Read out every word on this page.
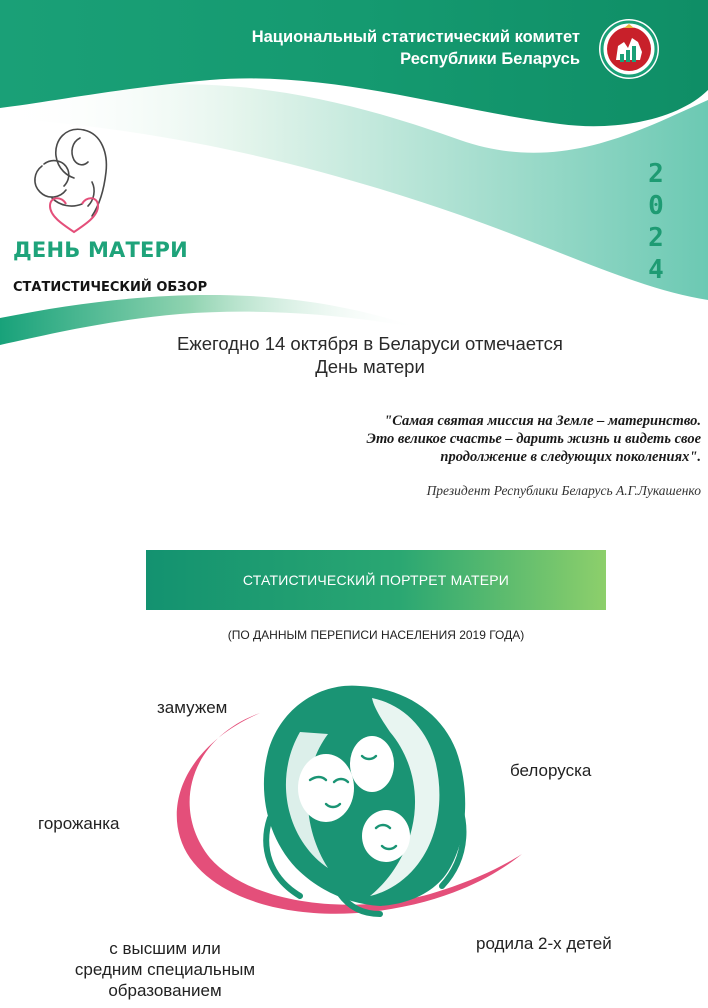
Национальный статистический комитет
Республики Беларусь
ДЕНЬ МАТЕРИ
СТАТИСТИЧЕСКИЙ ОБЗОР
2
0
2
4
Ежегодно 14 октября в Беларуси отмечается
День матери
"Самая святая миссия на Земле – материнство.
Это великое счастье – дарить жизнь и видеть свое
продолжение в следующих поколениях".
Президент Республики Беларусь А.Г.Лукашенко
СТАТИСТИЧЕСКИЙ ПОРТРЕТ МАТЕРИ
(ПО ДАННЫМ ПЕРЕПИСИ НАСЕЛЕНИЯ 2019 ГОДА)
замужем
белоруска
горожанка
родила 2-х детей
с высшим или
средним специальным
образованием
